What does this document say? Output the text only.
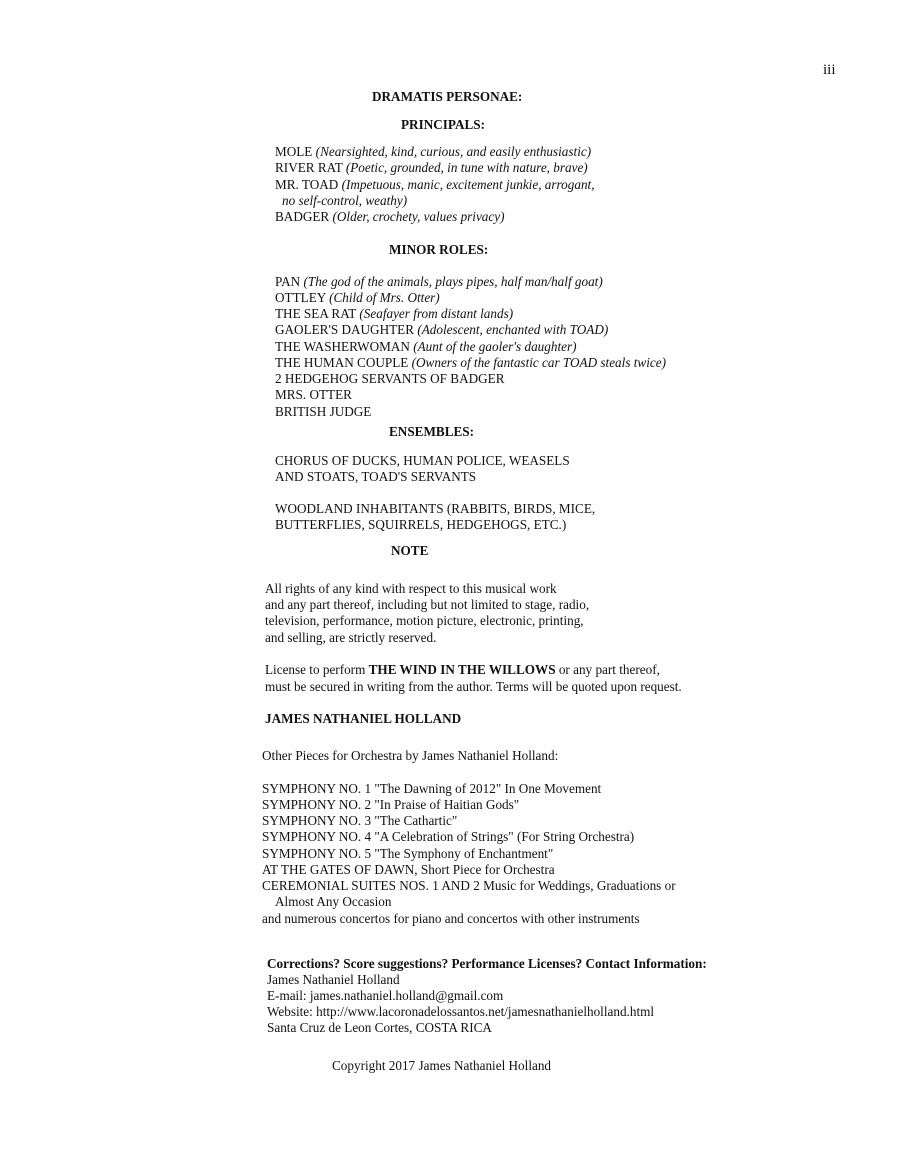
iii
DRAMATIS PERSONAE:
PRINCIPALS:
MOLE (Nearsighted, kind, curious, and easily enthusiastic)
RIVER RAT (Poetic, grounded, in tune with nature, brave)
MR. TOAD (Impetuous, manic, excitement junkie, arrogant,
no self-control, weathy)
BADGER (Older, crochety, values privacy)
MINOR ROLES:
PAN (The god of the animals, plays pipes, half man/half goat)
OTTLEY (Child of Mrs. Otter)
THE SEA RAT (Seafayer from distant lands)
GAOLER'S DAUGHTER (Adolescent, enchanted with TOAD)
THE WASHERWOMAN (Aunt of the gaoler's daughter)
THE HUMAN COUPLE (Owners of the fantastic car TOAD steals twice)
2 HEDGEHOG SERVANTS OF BADGER
MRS. OTTER
BRITISH JUDGE
ENSEMBLES:
CHORUS OF DUCKS, HUMAN POLICE, WEASELS
AND STOATS, TOAD'S SERVANTS
WOODLAND INHABITANTS (RABBITS, BIRDS, MICE,
BUTTERFLIES, SQUIRRELS, HEDGEHOGS, ETC.)
NOTE
All rights of any kind with respect to this musical work
and any part thereof, including but not limited to stage, radio,
television, performance, motion picture, electronic, printing,
and selling, are strictly reserved.
License to perform THE WIND IN THE WILLOWS or any part thereof,
must be secured in writing from the author. Terms will be quoted upon request.
JAMES NATHANIEL HOLLAND
Other Pieces for Orchestra by James Nathaniel Holland:
SYMPHONY NO. 1 "The Dawning of 2012" In One Movement
SYMPHONY NO. 2 "In Praise of Haitian Gods"
SYMPHONY NO. 3 "The Cathartic"
SYMPHONY NO. 4 "A Celebration of Strings" (For String Orchestra)
SYMPHONY NO. 5 "The Symphony of Enchantment"
AT THE GATES OF DAWN, Short Piece for Orchestra
CEREMONIAL SUITES NOS. 1 AND 2 Music for Weddings, Graduations or
Almost Any Occasion
and numerous concertos for piano and concertos with other instruments
Corrections? Score suggestions? Performance Licenses? Contact Information:
James Nathaniel Holland
E-mail: james.nathaniel.holland@gmail.com
Website: http://www.lacoronadelossantos.net/jamesnathanielholland.html
Santa Cruz de Leon Cortes, COSTA RICA
Copyright 2017 James Nathaniel Holland
